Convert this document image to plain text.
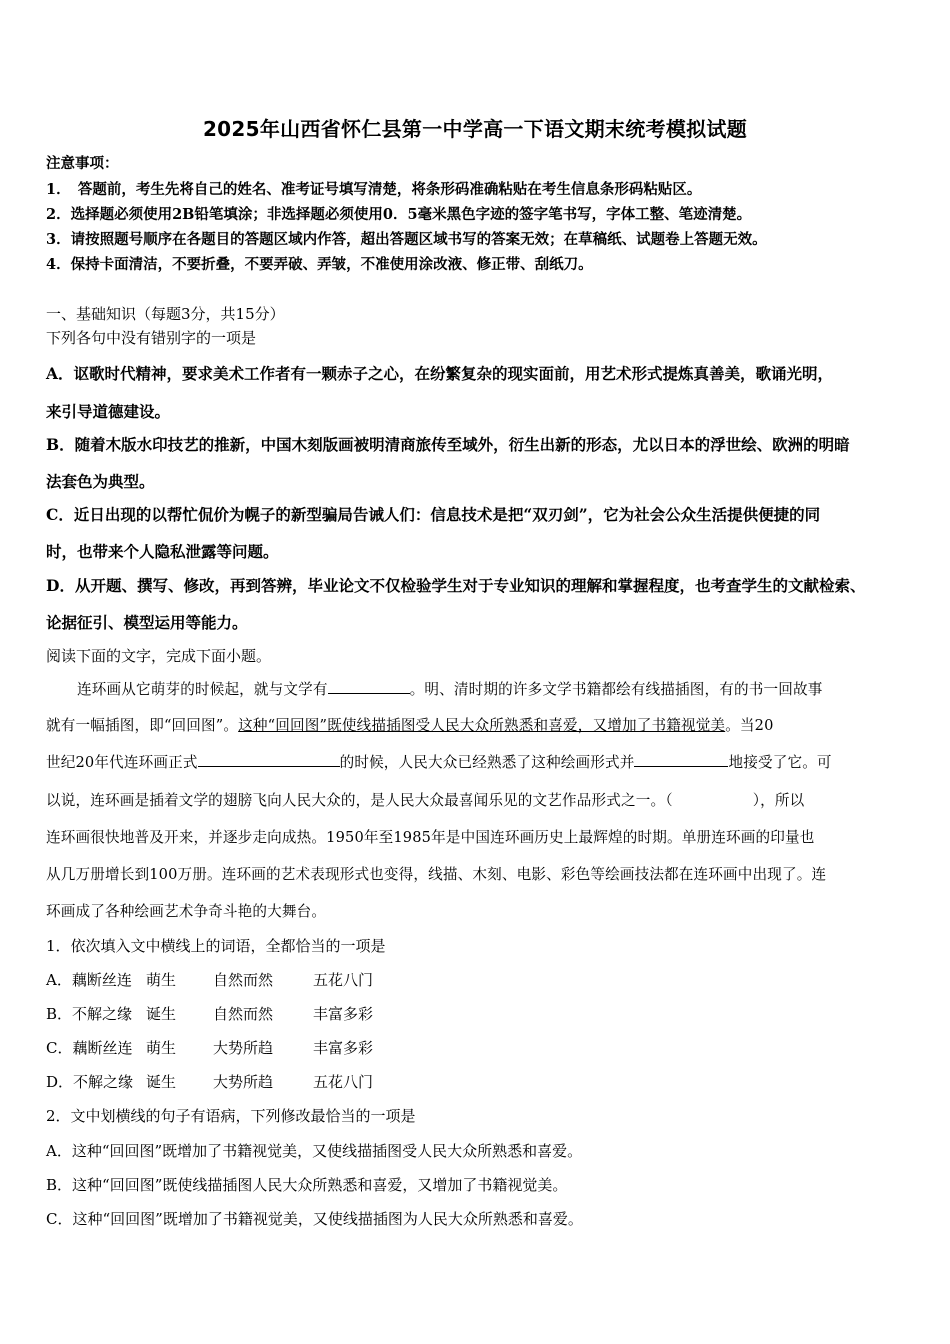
2025年山西省怀仁县第一中学高一下语文期末统考模拟试题
注意事项：
1．　答题前，考生先将自己的姓名、准考证号填写清楚，将条形码准确粘贴在考生信息条形码粘贴区。
2．选择题必须使用2B铅笔填涂；非选择题必须使用0．5毫米黑色字迹的签字笔书写，字体工整、笔迹清楚。
3．请按照题号顺序在各题目的答题区域内作答，超出答题区域书写的答案无效；在草稿纸、试题卷上答题无效。
4．保持卡面清洁，不要折叠，不要弄破、弄皱，不准使用涂改液、修正带、刮纸刀。
一、基础知识（每题3分，共15分）
下列各句中没有错别字的一项是
A．讴歌时代精神，要求美术工作者有一颗赤子之心，在纷繁复杂的现实面前，用艺术形式提炼真善美，歌诵光明，
来引导道德建设。
B．随着木版水印技艺的推新，中国木刻版画被明清商旅传至域外，衍生出新的形态，尤以日本的浮世绘、欧洲的明暗
法套色为典型。
C．近日出现的以帮忙侃价为幌子的新型骗局告诫人们：信息技术是把“双刃剑”，它为社会公众生活提供便捷的同
时，也带来个人隐私泄露等问题。
D．从开题、撰写、修改，再到答辨，毕业论文不仅检验学生对于专业知识的理解和掌握程度，也考查学生的文献检索、
论据征引、模型运用等能力。
阅读下面的文字，完成下面小题。
连环画从它萌芽的时候起，就与文学有	。明、清时期的许多文学书籍都绘有线描插图，有的书一回故事
就有一幅插图，即“回回图”。这种“回回图”既使线描插图受人民大众所熟悉和喜爱，又增加了书籍视觉美。当20
世纪20年代连环画正式	的时候，人民大众已经熟悉了这种绘画形式并	地接受了它。可
以说，连环画是插着文学的翅膀飞向人民大众的，是人民大众最喜闻乐见的文艺作品形式之一。（	），所以
连环画很快地普及开来，并逐步走向成热。1950年至1985年是中国连环画历史上最辉煌的时期。单册连环画的印量也
从几万册增长到100万册。连环画的艺术表现形式也变得，线描、木刻、电影、彩色等绘画技法都在连环画中出现了。连
环画成了各种绘画艺术争奇斗艳的大舞台。
1．依次填入文中横线上的词语，全都恰当的一项是
A．藕断丝连 萌生 自然而然	五花八门
B．不解之缘 诞生 自然而然	丰富多彩
C．藕断丝连 萌生 大势所趋	丰富多彩
D．不解之缘 诞生 大势所趋	五花八门
2．文中划横线的句子有语病，下列修改最恰当的一项是
A．这种“回回图”既增加了书籍视觉美，又使线描插图受人民大众所熟悉和喜爱。
B．这种“回回图”既使线描插图人民大众所熟悉和喜爱，又增加了书籍视觉美。
C．这种“回回图”既增加了书籍视觉美，又使线描插图为人民大众所熟悉和喜爱。
